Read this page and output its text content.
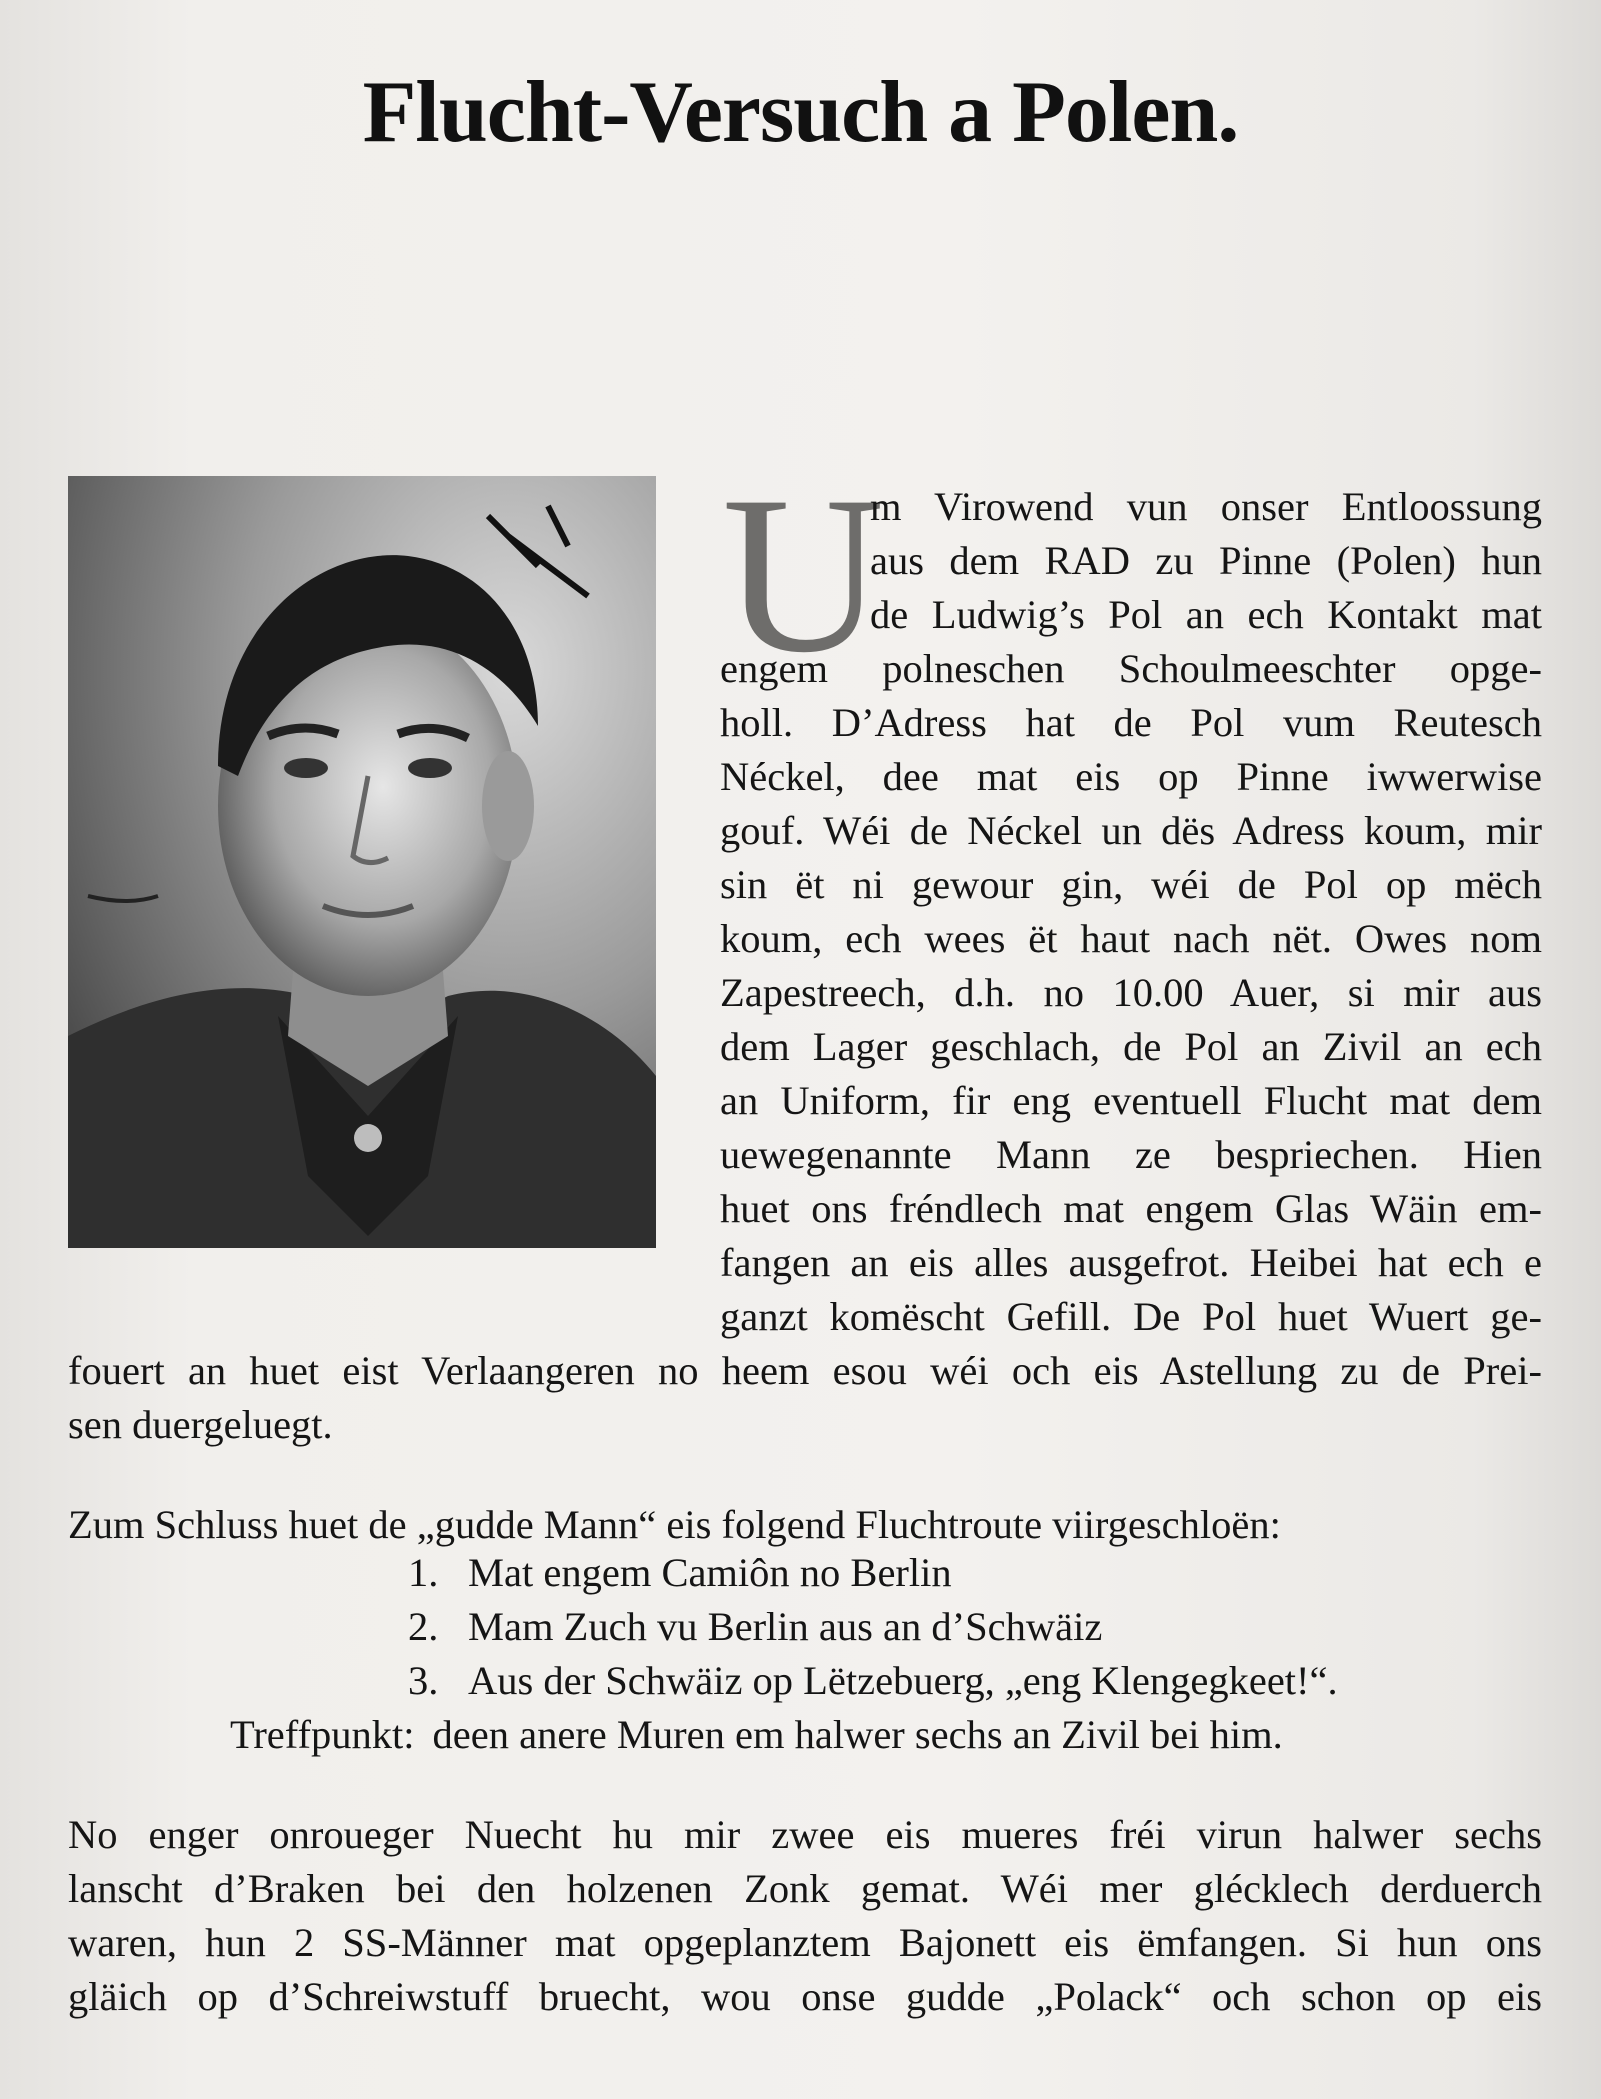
Flucht-Versuch a Polen.
U
m Virowend vun onser Entloossung
aus dem RAD zu Pinne (Polen) hun
de Ludwig’s Pol an ech Kontakt mat
engem polneschen Schoulmeeschter opge-
holl. D’Adress hat de Pol vum Reutesch
Néckel, dee mat eis op Pinne iwwerwise
gouf. Wéi de Néckel un dës Adress koum, mir
sin ët ni gewour gin, wéi de Pol op mëch
koum, ech wees ët haut nach nët. Owes nom
Zapestreech, d.h. no 10.00 Auer, si mir aus
dem Lager geschlach, de Pol an Zivil an ech
an Uniform, fir eng eventuell Flucht mat dem
uewegenannte Mann ze bespriechen. Hien
huet ons fréndlech mat engem Glas Wäin em-
fangen an eis alles ausgefrot. Heibei hat ech e
ganzt komëscht Gefill. De Pol huet Wuert ge-
fouert an huet eist Verlaangeren no heem esou wéi och eis Astellung zu de Prei-
sen duergeluegt.
Zum Schluss huet de „gudde Mann“ eis folgend Fluchtroute viirgeschloën:
1. Mat engem Camiôn no Berlin
2. Mam Zuch vu Berlin aus an d’Schwäiz
3. Aus der Schwäiz op Lëtzebuerg, „eng Klengegkeet!“.
Treffpunkt: deen anere Muren em halwer sechs an Zivil bei him.
No enger onroueger Nuecht hu mir zwee eis mueres fréi virun halwer sechs
lanscht d’Braken bei den holzenen Zonk gemat. Wéi mer glécklech derduerch
waren, hun 2 SS-Männer mat opgeplanztem Bajonett eis ëmfangen. Si hun ons
gläich op d’Schreiwstuff bruecht, wou onse gudde „Polack“ och schon op eis
